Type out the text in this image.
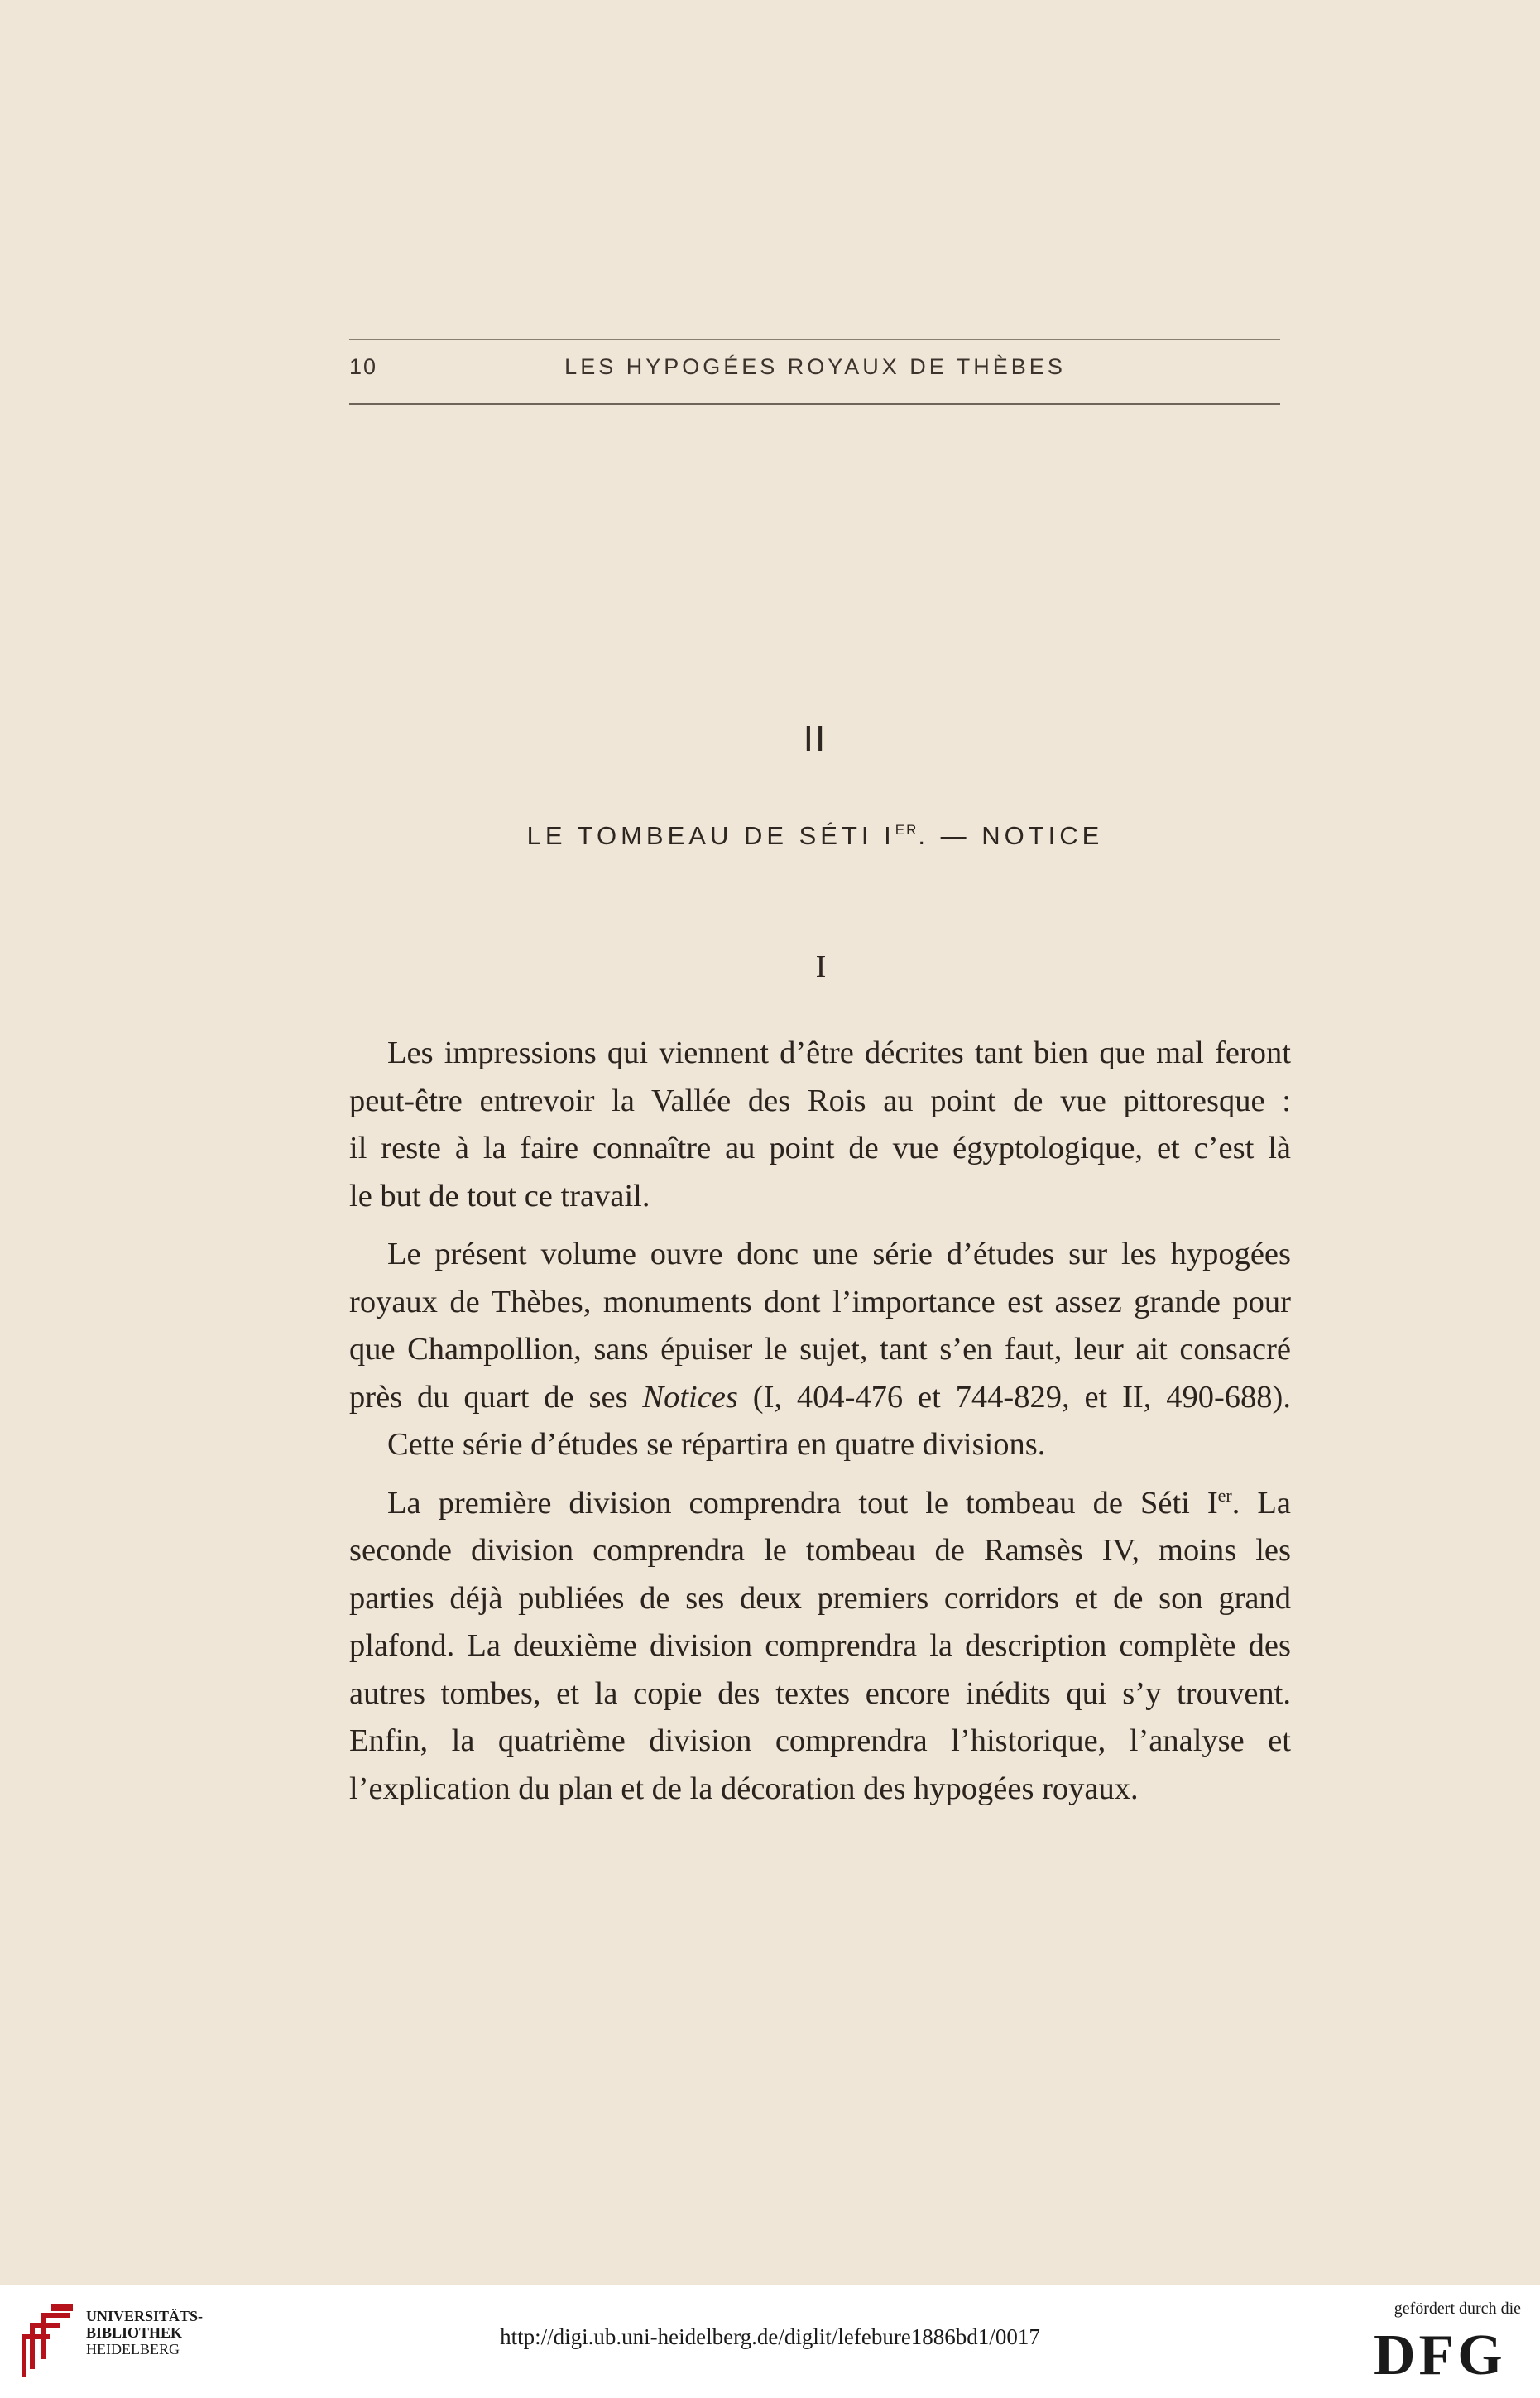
10	LES HYPOGÉES ROYAUX DE THÈBES
II
LE TOMBEAU DE SÉTI IER. — NOTICE
I
Les impressions qui viennent d’être décrites tant bien que mal feront
peut-être entrevoir la Vallée des Rois au point de vue pittoresque :
il reste à la faire connaître au point de vue égyptologique, et c’est là
le but de tout ce travail.
Le présent volume ouvre donc une série d’études sur les hypogées
royaux de Thèbes, monuments dont l’importance est assez grande pour
que Champollion, sans épuiser le sujet, tant s’en faut, leur ait consacré
près du quart de ses Notices (I, 404-476 et 744-829, et II, 490-688).
Cette série d’études se répartira en quatre divisions.
La première division comprendra tout le tombeau de Séti Ier. La
seconde division comprendra le tombeau de Ramsès IV, moins les
parties déjà publiées de ses deux premiers corridors et de son grand
plafond. La deuxième division comprendra la description complète des
autres tombes, et la copie des textes encore inédits qui s’y trouvent.
Enfin, la quatrième division comprendra l’historique, l’analyse et
l’explication du plan et de la décoration des hypogées royaux.
UNIVERSITÄTS-
BIBLIOTHEK
HEIDELBERG	http://digi.ub.uni-heidelberg.de/diglit/lefebure1886bd1/0017
gefördert durch die
DFG
